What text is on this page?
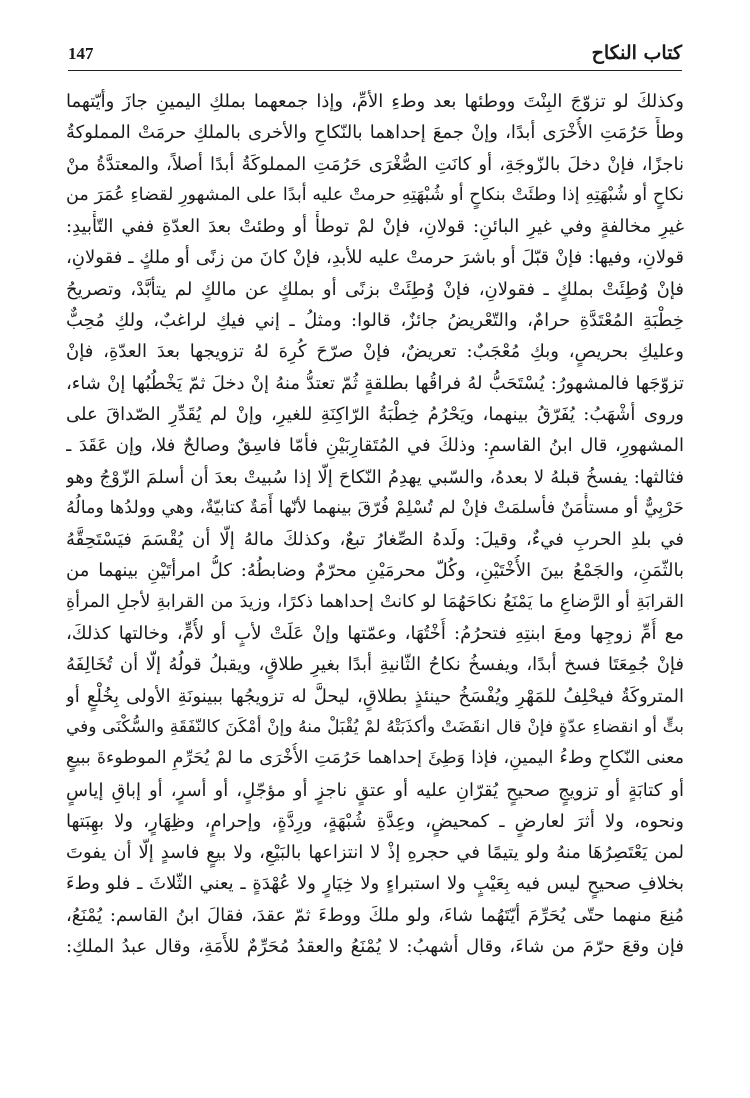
كتاب النكاح
147
وكذلكَ لو تزوّجَ البِنْتَ ووطئها بعد وطءِ الأمِّ، وإذا جمعهما بملكِ اليمينِ جازَ وأيّتهما
وطأَ حَرُمَتِ الأُخْرَى أبدًا، وإنْ جمعَ إحداهما بالنّكاحِ والأخرى بالملكِ حرمَتْ المملوكةُ
ناجزًا، فإنْ دخلَ بالزّوجَةِ، أو كانَتِ الصُّغْرَى حَرُمَتِ المملوكَةُ أبدًا أصلاً، والمعتدَّةُ منْ
نكاحٍ أو شُبْهَتِهِ إذا وطئَتْ بنكاحٍ أو شُبْهَتِهِ حرمتْ عليه أبدًا على المشهورِ لقضاءِ عُمَرَ من
غيرِ مخالفةٍ وفي غيرِ البائنِ: قولانِ، فإنْ لمْ توطأْ أو وطئتْ بعدَ العدّةِ ففي التّأْبيدِ:
قولانِ، وفيها: فإنْ قبّلَ أو باشرَ حرمتْ عليه للأبدِ، فإنْ كانَ من زنًى أو ملكٍ ـ فقولانِ،
فإنْ وُطِئَتْ بملكٍ ـ فقولانِ، فإنْ وُطِئَتْ بزنًى أو بملكٍ عن مالكٍ لم يتأبَّدْ، وتصريحُ
خِطْبَةِ المُعْتَدَّةِ حرامٌ، والتّعْريضُ جائزٌ، قالوا: ومثلُ ـ إني فيكِ لراغبٌ، ولكِ مُحِبٌّ
وعليكِ بحريصٍ، وبكِ مُعْجَبٌ: تعريضٌ، فإنْ صرّحَ كُرِهَ لهُ تزويجها بعدَ العدّةِ، فإنْ
تزوّجَها فالمشهورُ: يُسْتَحَبُّ لهُ فراقُها بطلقةٍ ثُمّ تعتدُّ منهُ إنْ دخلَ ثمّ يَخْطُبُها إنْ شاء،
وروى أشْهَبُ: يُفَرّقُ بينهما، ويَحْرُمُ خِطْبَةُ الرّاكِنَةِ للغيرِ، وإنْ لم يُقَدِّرِ الصّداقَ على
المشهورِ، قال ابنُ القاسمِ: وذلكَ في المُتَقارِبَيْنِ فأمّا فاسِقٌ وصالحٌ فلا، وإن عَقَدَ ـ
فثالثها: يفسخُ قبلهُ لا بعدهُ، والسّبي يهدِمُ النّكاحَ إلّا إذا سُبيتْ بعدَ أن أسلمَ الزّوْجُ وهو
حَرْبِيٌّ أو مستأْمَنٌ فأسلمَتْ فإنْ لم تُسْلِمْ فُرّقَ بينهما لأنّها أَمَةٌ كتابيّةٌ، وهي وولدُها ومالُهُ
في بلدِ الحربِ فيءٌ، وقيلَ: ولَدهُ الصِّغارُ تبعٌ، وكذلكَ مالهُ إلّا أن يُقْسَمَ فيَسْتَحِقَّهُ
بالثّمَنِ، والجَمْعُ بينَ الأُخْتَيْنِ، وكُلّ محرمَيْنِ محرّمٌ وضابطُهُ: كلُّ امرأتَيْنِ بينهما من
القرابَةِ أو الرَّضاعِ ما يَمْنَعُ نكاحَهُمَا لو كانتْ إحداهما ذكرًا، وزيدَ من القرابةِ لأجلِ المرأةِ
مع أُمِّ زوجِها ومعَ ابنتِهِ فتحرُمُ: أُخْتُهَا، وعمّتها وإنْ عَلَتْ لأبٍ أو لأُمٍّ، وخالتها كذلكَ،
فإنْ جُمِعَتَا فسخ أبدًا، ويفسخُ نكاحُ الثّانيةِ أبدًا بغيرِ طلاقٍ، ويقبلُ قولُهُ إلّا أن تُخَالِفَهُ
المتروكَةُ فيحْلِفُ للمَهْرِ ويُفْسَخُ حينئذٍ بطلاقٍ، ليحلَّ له تزويجُها ببينونَةِ الأولى بِخُلْعٍ أو
بتٍّ أو انقضاءِ عدّةٍ فإنْ قال انقَضَتْ وأكذَبَتْهُ لمْ يُقْبَلْ منهُ وإنْ أمْكَنَ كالنّفَقَةِ والسُّكْنَى وفي
معنى النّكاحِ وطءُ اليمينِ، فإذا وَطِئَ إحداهما حَرُمَتِ الأُخْرَى ما لمْ يُحَرِّمِ الموطوءةَ ببيعٍ
أو كتابَةٍ أو تزويجٍ صحيحٍ يُقرّانِ عليه أو عتقٍ ناجزٍ أو مؤجّلٍ، أو أسرٍ، أو إباقِ إياسٍ
ونحوه، ولا أثرَ لعارضٍ ـ كمحيضٍ، وعِدَّةِ شُبْهَةٍ، ورِدَّةٍ، وإحرامٍ، وظِهَارٍ، ولا بهِبَتها
لمن يَعْتَصِرُهَا منهُ ولو يتيمًا في حجرهِ إذْ لا انتزاعها بالبَيْعِ، ولا بيعٍ فاسدٍ إلّا أن يفوتَ
بخلافِ صحيحٍ ليس فيه بِعَيْبٍ ولا استبراءٍ ولا خِيَارٍ ولا عُهْدَةٍ ـ يعني الثّلاثَ ـ فلو وطءَ
مُنِعَ منهما حتّى يُحَرِّمَ أيّتَهُما شاءَ، ولو ملكَ ووطءَ ثمّ عقدَ، فقالَ ابنُ القاسم: يُمْنَعُ،
فإن وقعَ حرّمَ من شاءَ، وقال أشهبُ: لا يُمْنَعُ والعقدُ مُحَرِّمٌ للأَمَةِ، وقال عبدُ الملكِ:
